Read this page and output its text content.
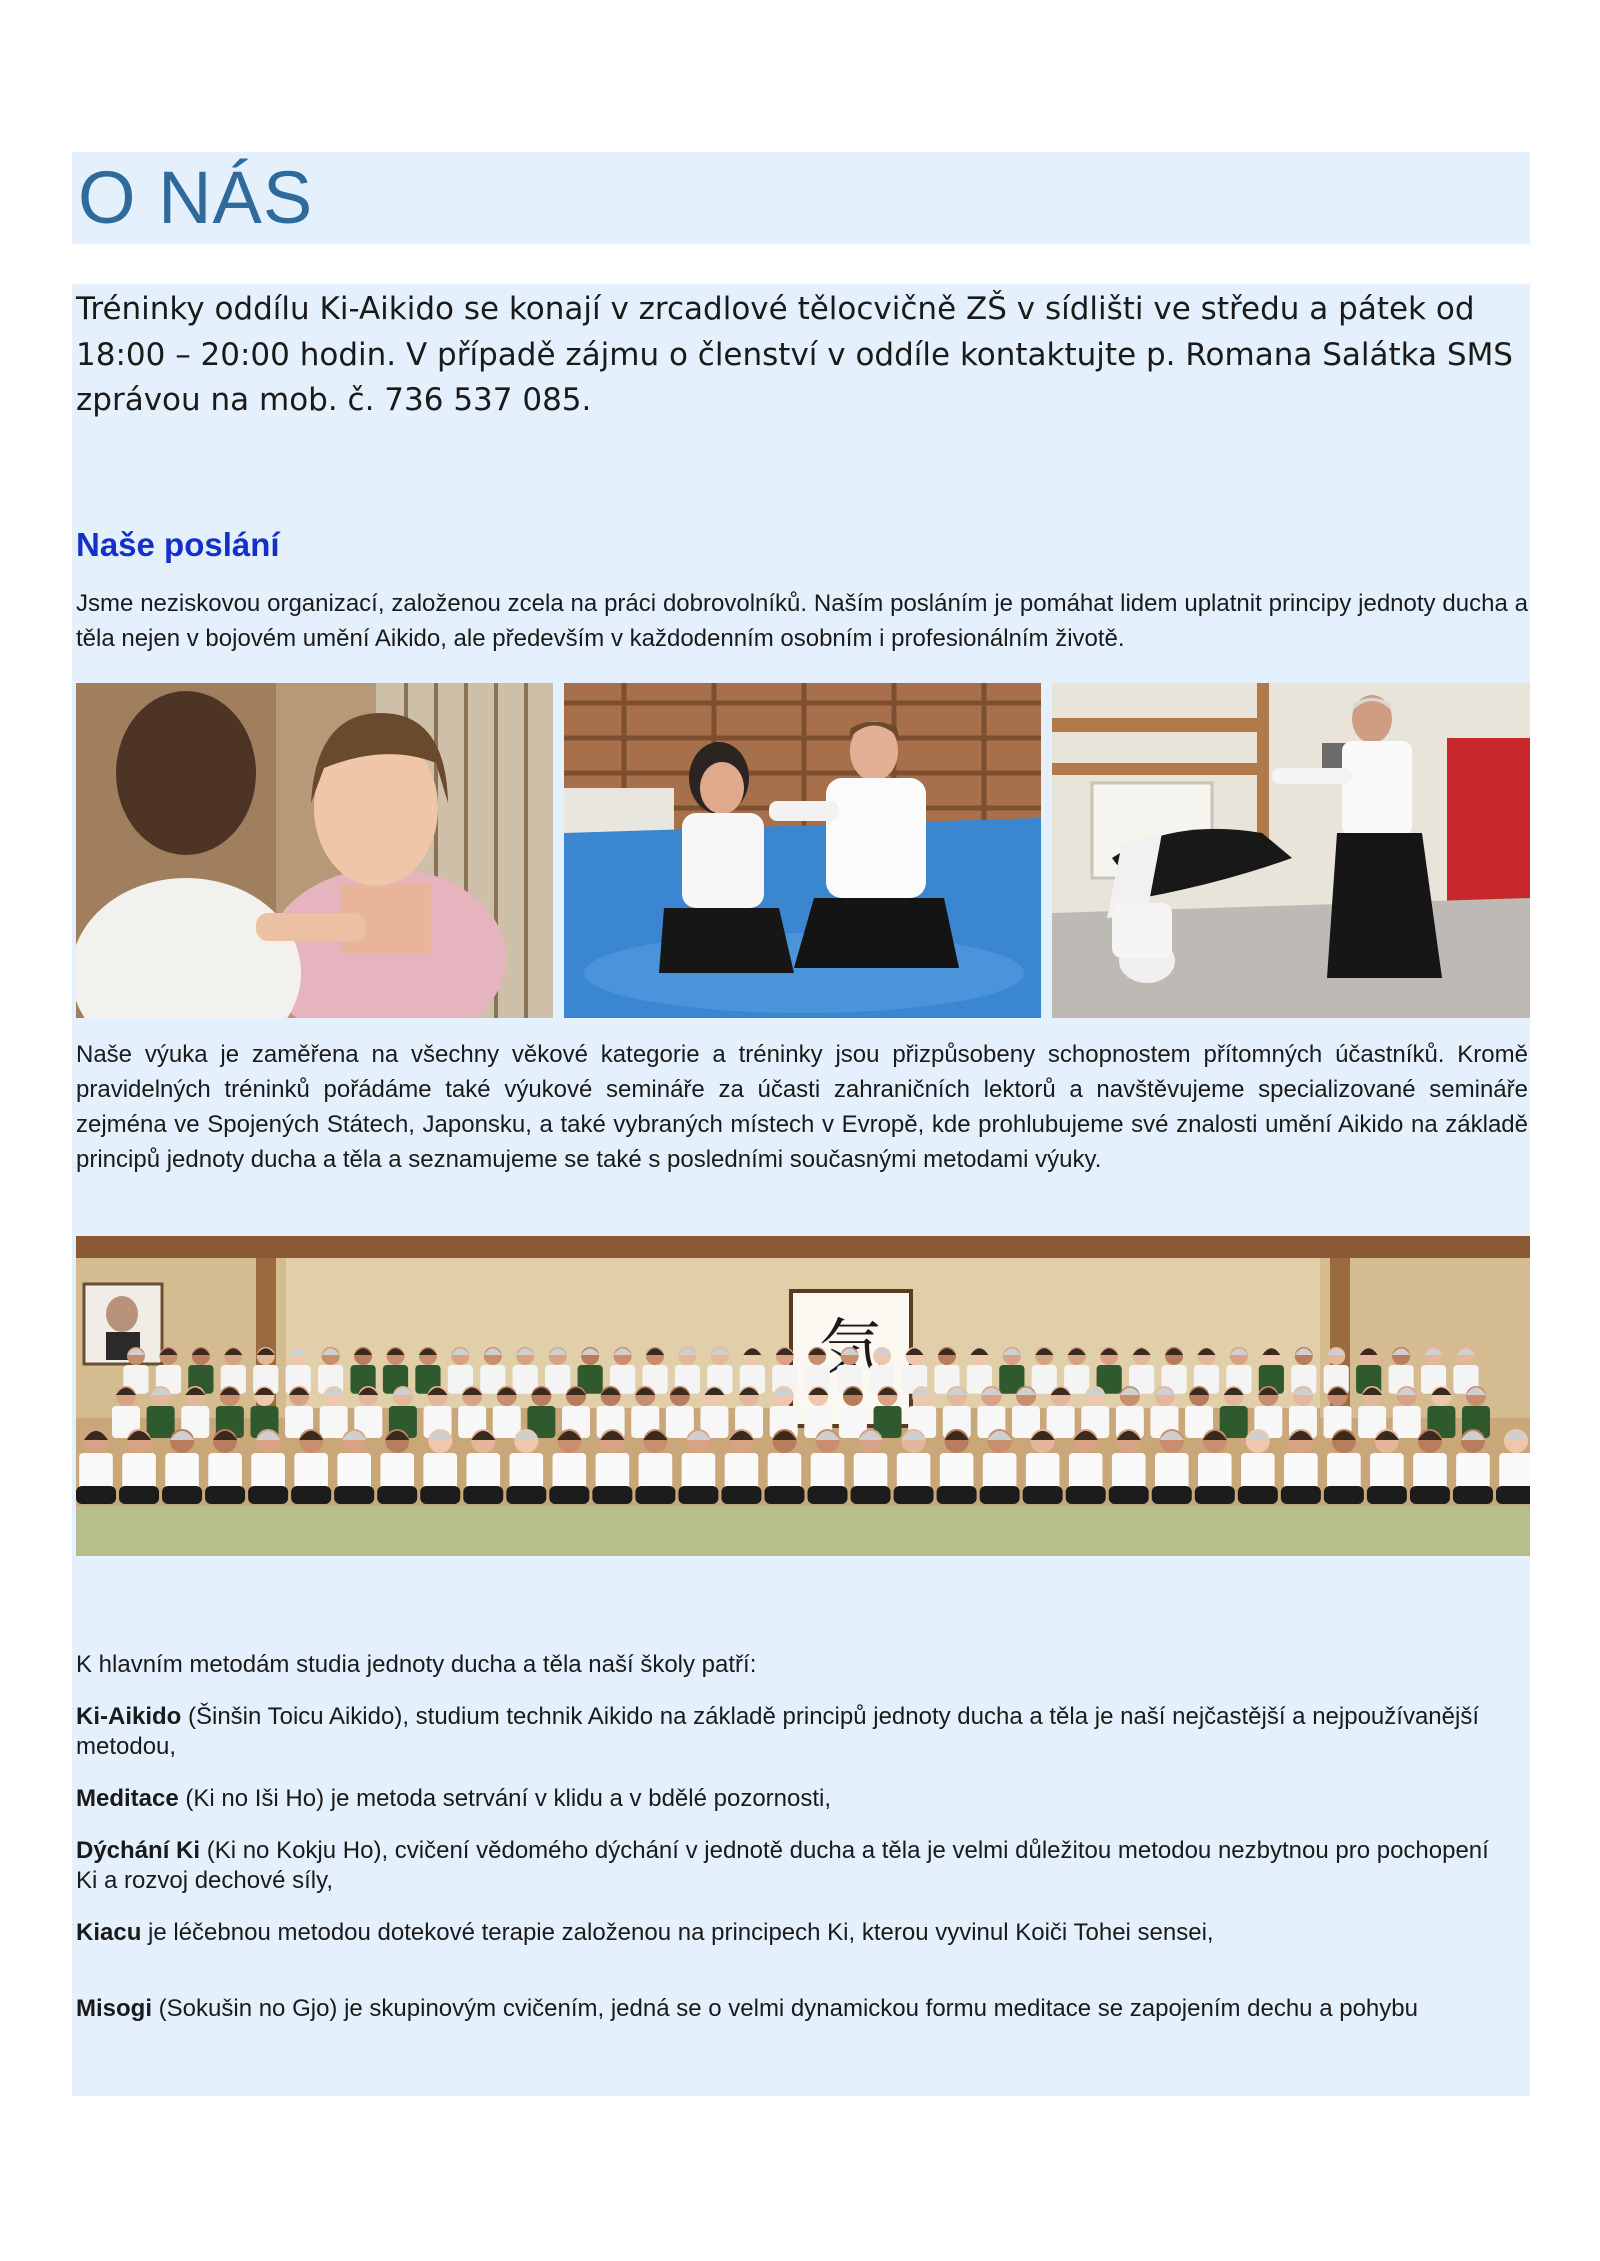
O NÁS

Tréninky oddílu Ki-Aikido se konají v zrcadlové tělocvičně ZŠ v sídlišti ve středu a pátek od 18:00 – 20:00 hodin. V případě zájmu o členství v oddíle kontaktujte p. Romana Salátka SMS zprávou na mob. č. 736 537 085.

Naše poslání

Jsme neziskovou organizací, založenou zcela na práci dobrovolníků. Naším posláním je pomáhat lidem uplatnit principy jednoty ducha a těla nejen v bojovém umění Aikido, ale především v každodenním osobním i profesionálním životě.

Naše výuka je zaměřena na všechny věkové kategorie a tréninky jsou přizpůsobeny schopnostem přítomných účastníků. Kromě pravidelných tréninků pořádáme také výukové semináře za účasti zahraničních lektorů a navštěvujeme specializované semináře zejména ve Spojených Státech, Japonsku, a také vybraných místech v Evropě, kde prohlubujeme své znalosti umění Aikido na základě principů jednoty ducha a těla a seznamujeme se také s posledními současnými metodami výuky.

K hlavním metodám studia jednoty ducha a těla naší školy patří:

Ki-Aikido (Šinšin Toicu Aikido), studium technik Aikido na základě principů jednoty ducha a těla je naší nejčastější a nejpoužívanější metodou,

Meditace (Ki no Iši Ho) je metoda setrvání v klidu a v bdělé pozornosti,

Dýchání Ki (Ki no Kokju Ho), cvičení vědomého dýchání v jednotě ducha a těla je velmi důležitou metodou nezbytnou pro pochopení Ki a rozvoj dechové síly,

Kiacu je léčebnou metodou dotekové terapie založenou na principech Ki, kterou vyvinul Koiči Tohei sensei,

Misogi (Sokušin no Gjo) je skupinovým cvičením, jedná se o velmi dynamickou formu meditace se zapojením dechu a pohybu
